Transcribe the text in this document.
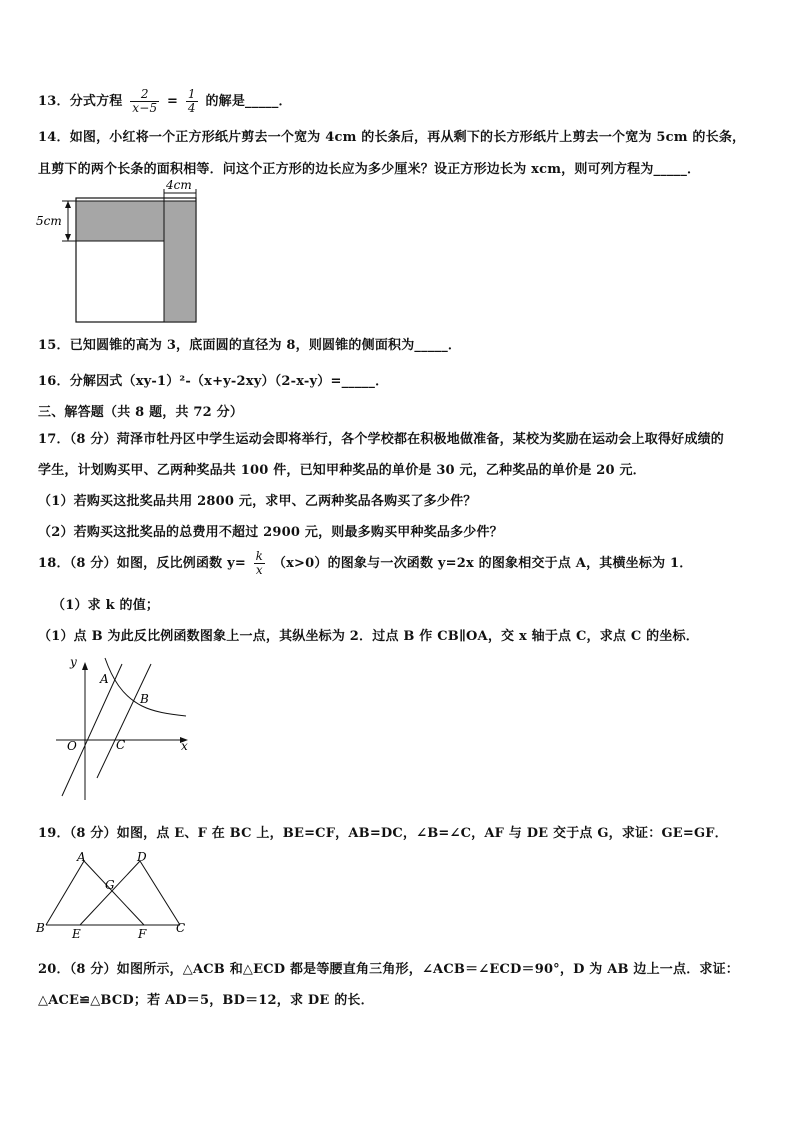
13．分式方程 $\frac{2}{x-5} = \frac{1}{4}$ 的解是_____．
14．如图，小红将一个正方形纸片剪去一个宽为 4cm 的长条后，再从剩下的长方形纸片上剪去一个宽为 5cm 的长条，
且剪下的两个长条的面积相等．问这个正方形的边长应为多少厘米？设正方形边长为 xcm，则可列方程为_____．
4cm
5cm
15．已知圆锥的高为 3，底面圆的直径为 8，则圆锥的侧面积为_____．
16．分解因式（xy-1）²-（x+y-2xy）（2-x-y）=_____．
三、解答题（共 8 题，共 72 分）
17．（8 分）菏泽市牡丹区中学生运动会即将举行，各个学校都在积极地做准备，某校为奖励在运动会上取得好成绩的
学生，计划购买甲、乙两种奖品共 100 件，已知甲种奖品的单价是 30 元，乙种奖品的单价是 20 元．
（1）若购买这批奖品共用 2800 元，求甲、乙两种奖品各购买了多少件？
（2）若购买这批奖品的总费用不超过 2900 元，则最多购买甲种奖品多少件？
18．（8 分）如图，反比例函数 $y= \frac{k}{x} (x>0)$的图象与一次函数 y=2x 的图象相交于点 A，其横坐标为 1．
（1）求 k 的值；
（1）点 B 为此反比例函数图象上一点，其纵坐标为 2．过点 B 作 CB∥OA，交 x 轴于点 C，求点 C 的坐标．
y
x
A
B
O	C
19．（8 分）如图，点 E、F 在 BC 上，BE=CF，AB=DC，∠B=∠C，AF 与 DE 交于点 G，求证：GE=GF．
A	D
G
B E	F C
20．（8 分）如图所示，△ACB 和△ECD 都是等腰直角三角形，∠ACB＝∠ECD＝90°，D 为 AB 边上一点．求证：
△ACE≌△BCD；若 AD＝5，BD＝12，求 DE 的长．
